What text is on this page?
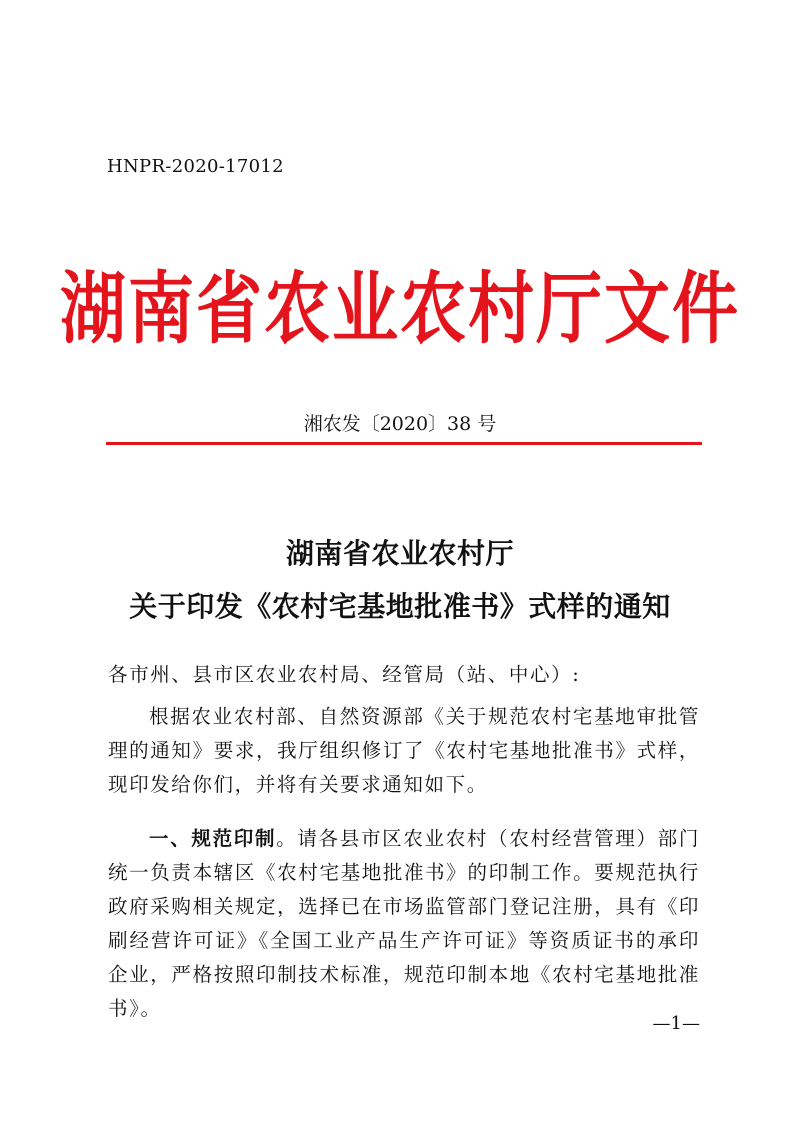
HNPR-2020-17012
湖南省农业农村厅文件
湘农发〔2020〕38 号
湖南省农业农村厅
关于印发《农村宅基地批准书》式样的通知
各市州、县市区农业农村局、经管局（站、中心）:
根据农业农村部、自然资源部《关于规范农村宅基地审批管理的通知》要求，我厅组织修订了《农村宅基地批准书》式样，现印发给你们，并将有关要求通知如下。
一、规范印制。请各县市区农业农村（农村经营管理）部门统一负责本辖区《农村宅基地批准书》的印制工作。要规范执行政府采购相关规定，选择已在市场监管部门登记注册，具有《印刷经营许可证》《全国工业产品生产许可证》等资质证书的承印企业，严格按照印制技术标准，规范印制本地《农村宅基地批准书》。
—1—
